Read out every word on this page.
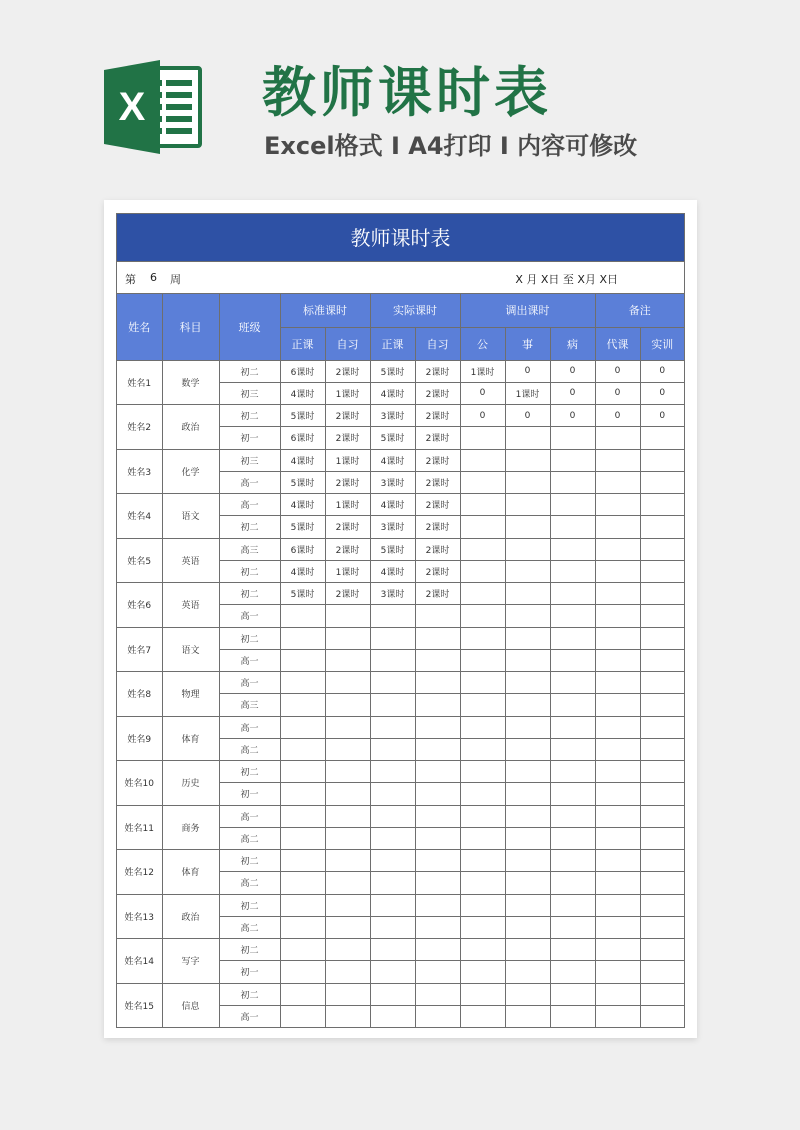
X 教师课时表
Excel格式 I A4打印 I 内容可修改
教师课时表
第 6 周	X 月 X日 至 X月 X日
姓名	科目	班级	标准课时		实际课时		调出课时			备注	
			正课	自习	正课	自习	公	事	病	代课	实训
姓名1	数学	初二	6课时	2课时	5课时	2课时	1课时	0	0	0	0
		初三	4课时	1课时	4课时	2课时	0	1课时	0	0	0
姓名2	政治	初二	5课时	2课时	3课时	2课时	0	0	0	0	0
		初一	6课时	2课时	5课时	2课时					
姓名3	化学	初三	4课时	1课时	4课时	2课时					
		高一	5课时	2课时	3课时	2课时					
姓名4	语文	高一	4课时	1课时	4课时	2课时					
		初二	5课时	2课时	3课时	2课时					
姓名5	英语	高三	6课时	2课时	5课时	2课时					
		初二	4课时	1课时	4课时	2课时					
姓名6	英语	初二	5课时	2课时	3课时	2课时					
		高一									
姓名7	语文	初二									
		高一									
姓名8	物理	高一									
		高三									
姓名9	体育	高一									
		高二									
姓名10	历史	初二									
		初一									
姓名11	商务	高一									
		高二									
姓名12	体育	初二									
		高二									
姓名13	政治	初二									
		高二									
姓名14	写字	初二									
		初一									
姓名15	信息	初二									
		高一									
